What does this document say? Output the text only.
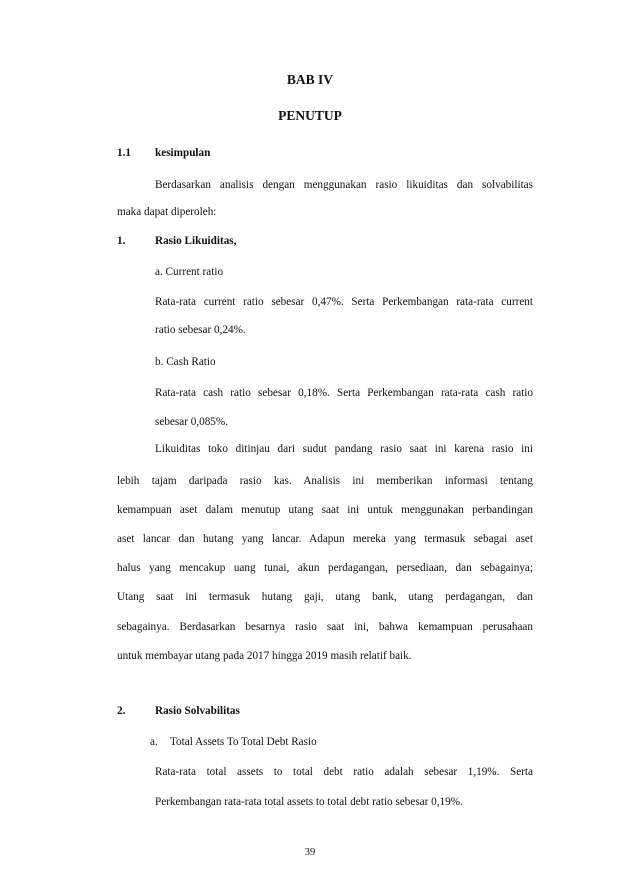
BAB IV
PENUTUP
1.1 kesimpulan
Berdasarkan analisis dengan menggunakan rasio likuiditas dan solvabilitas
maka dapat diperoleh:
1.	Rasio Likuiditas,
a. Current ratio
Rata-rata current ratio sebesar 0,47%. Serta Perkembangan rata-rata current
ratio sebesar 0,24%.
b. Cash Ratio
Rata-rata cash ratio sebesar 0,18%. Serta Perkembangan rata-rata cash ratio
sebesar 0,085%.
Likuiditas toko ditinjau dari sudut pandang rasio saat ini karena rasio ini
lebih tajam daripada rasio kas. Analisis ini memberikan informasi tentang
kemampuan aset dalam menutup utang saat ini untuk menggunakan perbandingan
aset lancar dan hutang yang lancar. Adapun mereka yang termasuk sebagai aset
halus yang mencakup uang tunai, akun perdagangan, persediaan, dan sebagainya;
Utang saat ini termasuk hutang gaji, utang bank, utang perdagangan, dan
sebagainya. Berdasarkan besarnya rasio saat ini, bahwa kemampuan perusahaan
untuk membayar utang pada 2017 hingga 2019 masih relatif baik.
2.	Rasio Solvabilitas
a. Total Assets To Total Debt Rasio
Rata-rata total assets to total debt ratio adalah sebesar 1,19%. Serta
Perkembangan rata-rata total assets to total debt ratio sebesar 0,19%.
39
